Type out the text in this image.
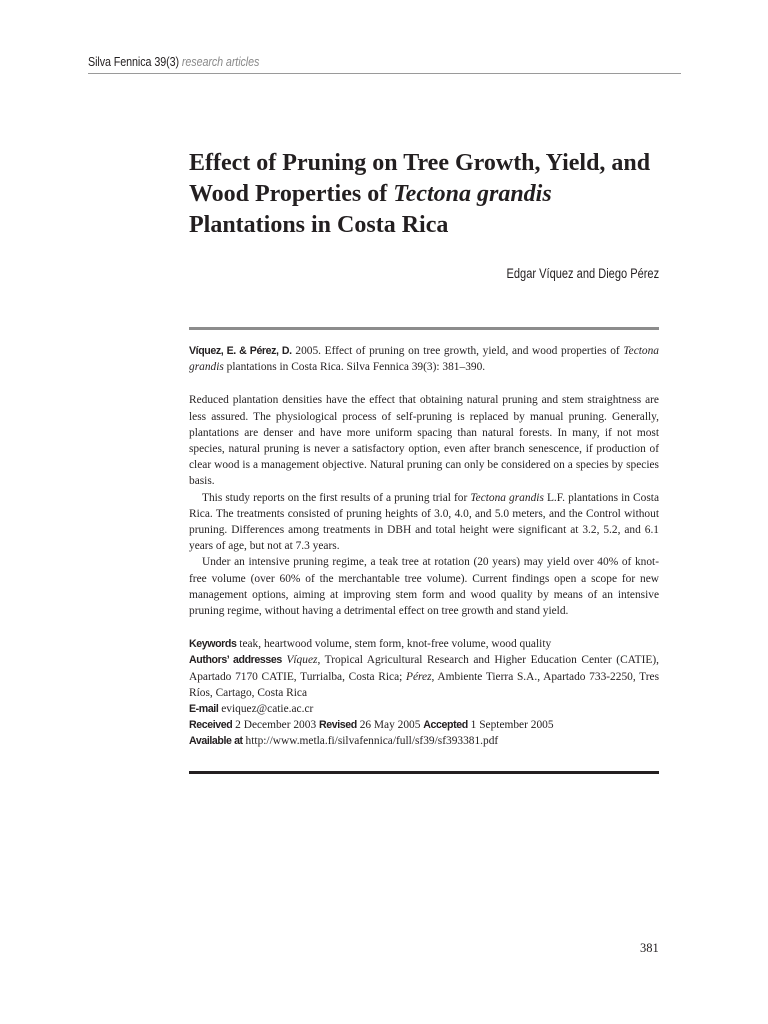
Silva Fennica 39(3) research articles
Effect of Pruning on Tree Growth, Yield, and Wood Properties of Tectona grandis Plantations in Costa Rica
Edgar Víquez and Diego Pérez

Víquez, E. & Pérez, D. 2005. Effect of pruning on tree growth, yield, and wood properties of Tectona grandis plantations in Costa Rica. Silva Fennica 39(3): 381–390.

Reduced plantation densities have the effect that obtaining natural pruning and stem straightness are less assured. The physiological process of self-pruning is replaced by manual pruning. Generally, plantations are denser and have more uniform spacing than natural forests. In many, if not most species, natural pruning is never a satisfactory option, even after branch senescence, if production of clear wood is a management objective. Natural pruning can only be considered on a species by species basis.

This study reports on the first results of a pruning trial for Tectona grandis L.F. plantations in Costa Rica. The treatments consisted of pruning heights of 3.0, 4.0, and 5.0 meters, and the Control without pruning. Differences among treatments in DBH and total height were significant at 3.2, 5.2, and 6.1 years of age, but not at 7.3 years.

Under an intensive pruning regime, a teak tree at rotation (20 years) may yield over 40% of knot-free volume (over 60% of the merchantable tree volume). Current findings open a scope for new management options, aiming at improving stem form and wood quality by means of an intensive pruning regime, without having a detrimental effect on tree growth and stand yield.

Keywords teak, heartwood volume, stem form, knot-free volume, wood quality

Authors’ addresses Víquez, Tropical Agricultural Research and Higher Education Center (CATIE), Apartado 7170 CATIE, Turrialba, Costa Rica; Pérez, Ambiente Tierra S.A., Apartado 733-2250, Tres Ríos, Cartago, Costa Rica

E-mail eviquez@catie.ac.cr

Received 2 December 2003 Revised 26 May 2005 Accepted 1 September 2005

Available at http://www.metla.fi/silvafennica/full/sf39/sf393381.pdf

381
